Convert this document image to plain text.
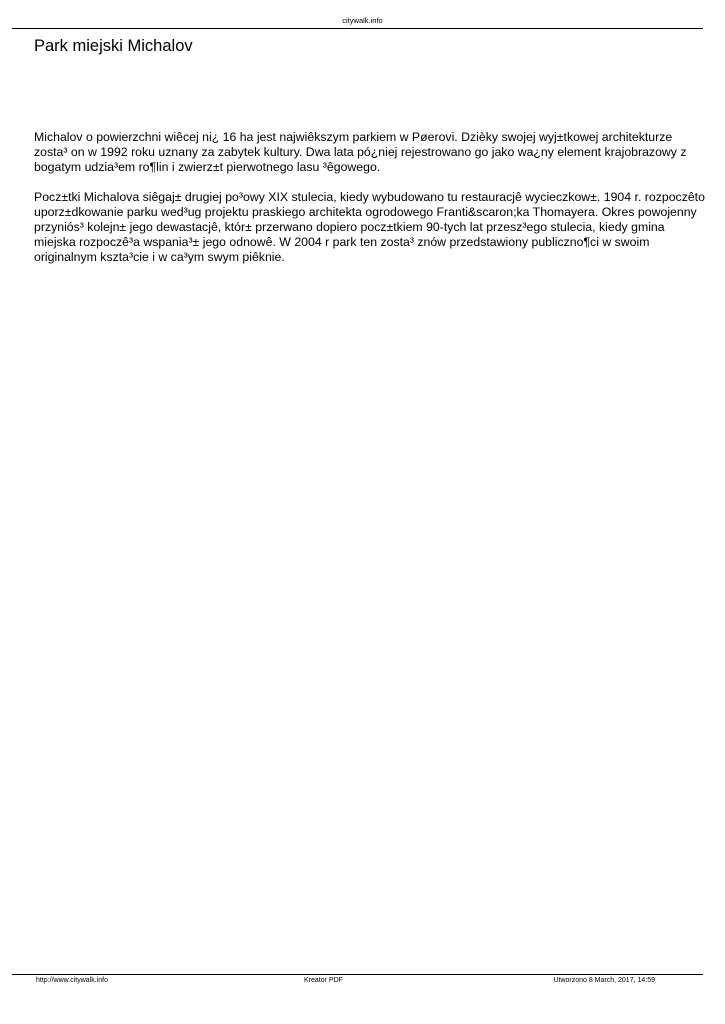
citywalk.info
Park miejski Michalov

Michalov o powierzchni wiêcej ni¿ 16 ha jest najwiêkszym parkiem w Pøerovi. Dzièky swojej wyj±tkowej architekturze zosta³ on w 1992 roku uznany za zabytek kultury. Dwa lata pó¿niej rejestrowano go jako wa¿ny element krajobrazowy z bogatym udzia³em ro¶lin i zwierz±t pierwotnego lasu ³êgowego.

Pocz±tki Michalova siêgaj± drugiej po³owy XIX stulecia, kiedy wybudowano tu restauracjê wycieczkow±. 1904 r. rozpoczêto uporz±dkowanie parku wed³ug projektu praskiego architekta ogrodowego Franti&scaron;ka Thomayera. Okres powojenny przyniós³ kolejn± jego dewastacjê, któr± przerwano dopiero pocz±tkiem 90-tych lat przesz³ego stulecia, kiedy gmina miejska rozpoczê³a wspania³± jego odnowê. W 2004 r park ten zosta³ znów przedstawiony publiczno¶ci w swoim originalnym kszta³cie i w ca³ym swym piêknie.

http://www.citywalk.info	Kreator PDF	Utworzono 8 March, 2017, 14:59
